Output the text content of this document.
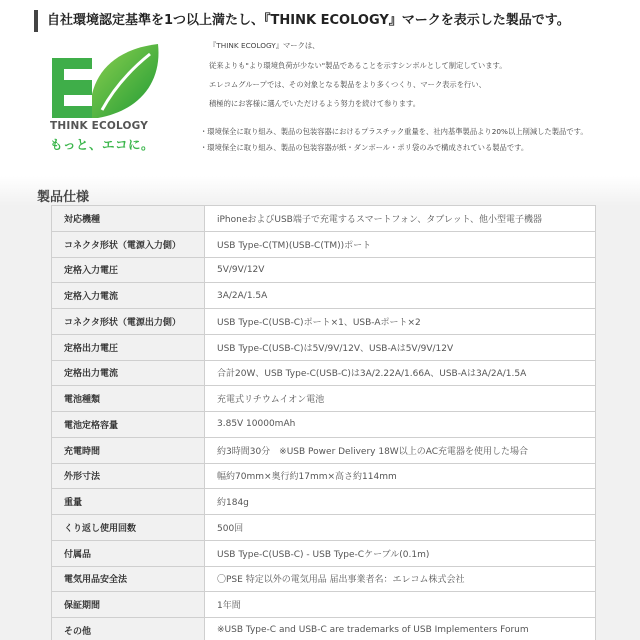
自社環境認定基準を1つ以上満たし、『THINK ECOLOGY』マークを表示した製品です。
THINK ECOLOGY
もっと、エコに。

『THINK ECOLOGY』マークは、

従来よりも"より環境負荷が少ない"製品であることを示すシンボルとして制定しています。

エレコムグループでは、その対象となる製品をより多くつくり、マーク表示を行い、

積極的にお客様に選んでいただけるよう努力を続けて参ります。

・環境保全に取り組み、製品の包装容器におけるプラスチック重量を、社内基準製品より20%以上削減した製品です。

・環境保全に取り組み、製品の包装容器が紙・ダンボール・ポリ袋のみで構成されている製品です。

製品仕様
対応機種	iPhoneおよびUSB端子で充電するスマートフォン、タブレット、他小型電子機器
コネクタ形状（電源入力側）	USB Type-C(TM)(USB-C(TM))ポート
定格入力電圧	5V/9V/12V
定格入力電流	3A/2A/1.5A
コネクタ形状（電源出力側）	USB Type-C(USB-C)ポート×1、USB-Aポート×2
定格出力電圧	USB Type-C(USB-C)は5V/9V/12V、USB-Aは5V/9V/12V
定格出力電流	合計20W、USB Type-C(USB-C)は3A/2.22A/1.66A、USB-Aは3A/2A/1.5A
電池種類	充電式リチウムイオン電池
電池定格容量	3.85V 10000mAh
充電時間	約3時間30分　※USB Power Delivery 18W以上のAC充電器を使用した場合
外形寸法	幅約70mm×奥行約17mm×高さ約114mm
重量	約184g
くり返し使用回数	500回
付属品	USB Type-C(USB-C) - USB Type-Cケーブル(0.1m)
電気用品安全法	〇PSE 特定以外の電気用品 届出事業者名：エレコム株式会社
保証期間	1年間
その他	※USB Type-C and USB-C are trademarks of USB Implementers Forum
